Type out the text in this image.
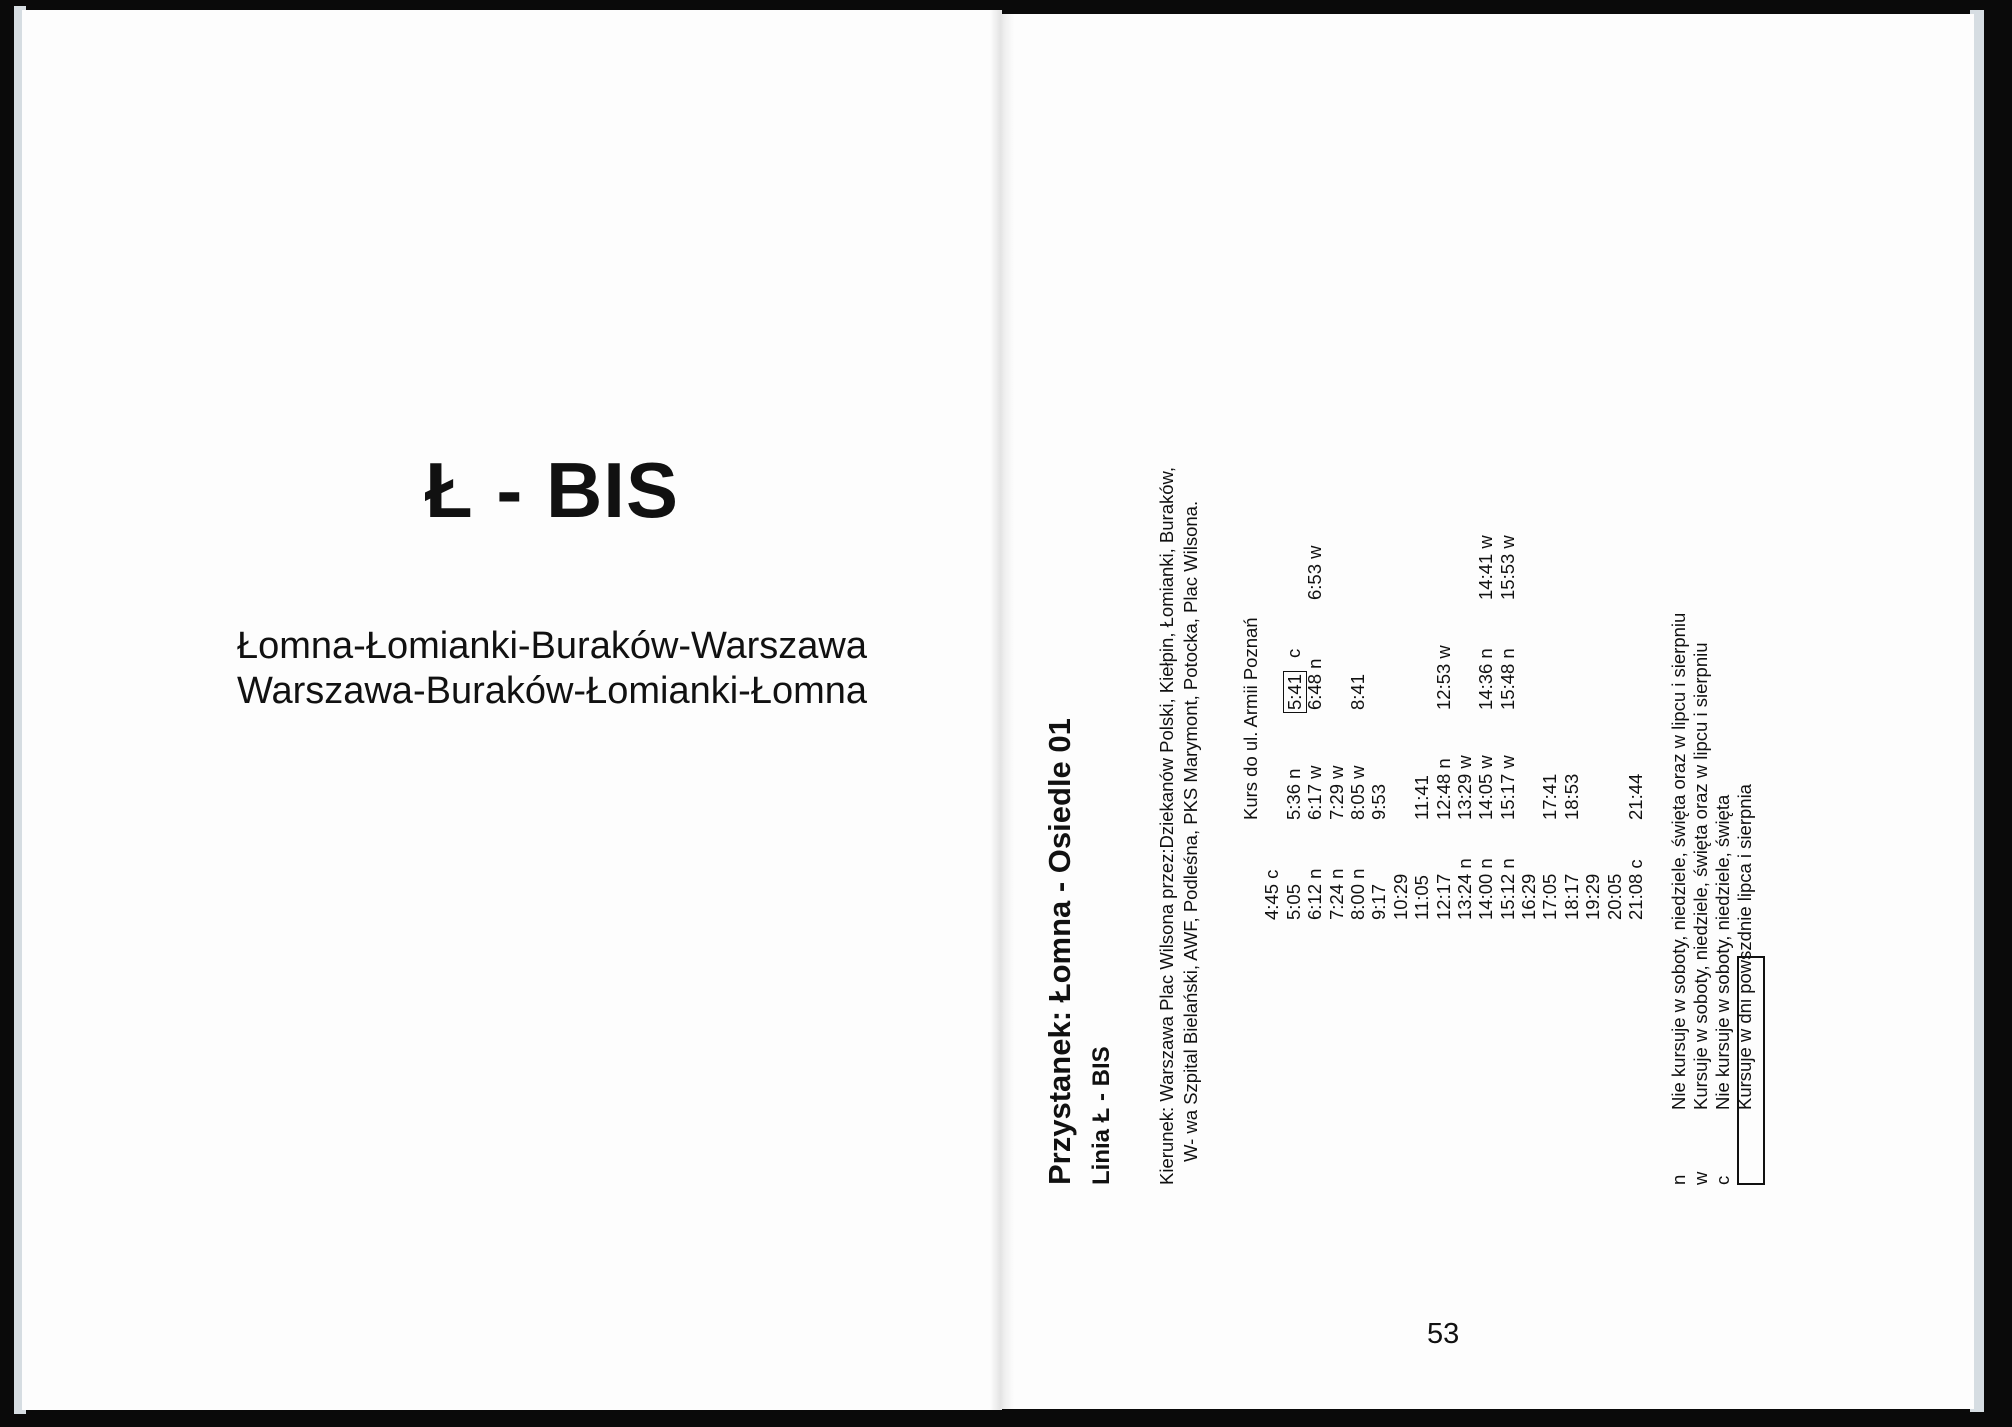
Ł - BIS
Łomna-Łomianki-Buraków-Warszawa
Warszawa-Buraków-Łomianki-Łomna
Przystanek: Łomna - Osiedle 01 Linia Ł - BIS Kierunek: Warszawa Plac Wilsona przez:Dziekanów Polski, Kiełpin, Łomianki, Buraków, W- wa Szpital Bielański, AWF, Podleśna, PKS Marymont, Potocka, Plac Wilsona. Kurs do ul. Armii Poznań
4:45 c 5:05
5:36 n
5:41
c
6:12 n
6:17 w
6:48 n
6:53 w
7:24 n
7:29 w
8:00 n
8:05 w
8:41
9:17
9:53
10:29 11:05
11:41
12:17
12:48 n
12:53 w
13:24 n
13:29 w
14:00 n
14:05 w
14:36 n
14:41 w
15:12 n
15:17 w
15:48 n
15:53 w
16:29 17:05
17:41
18:17
18:53
19:29 20:05 21:08 c
21:44
n
Nie kursuje w soboty, niedziele, święta oraz w lipcu i sierpniu
w
Kursuje w soboty, niedziele, święta oraz w lipcu i sierpniu
c
Nie kursuje w soboty, niedziele, święta Kursuje w dni powszdnie lipca i sierpnia
53
